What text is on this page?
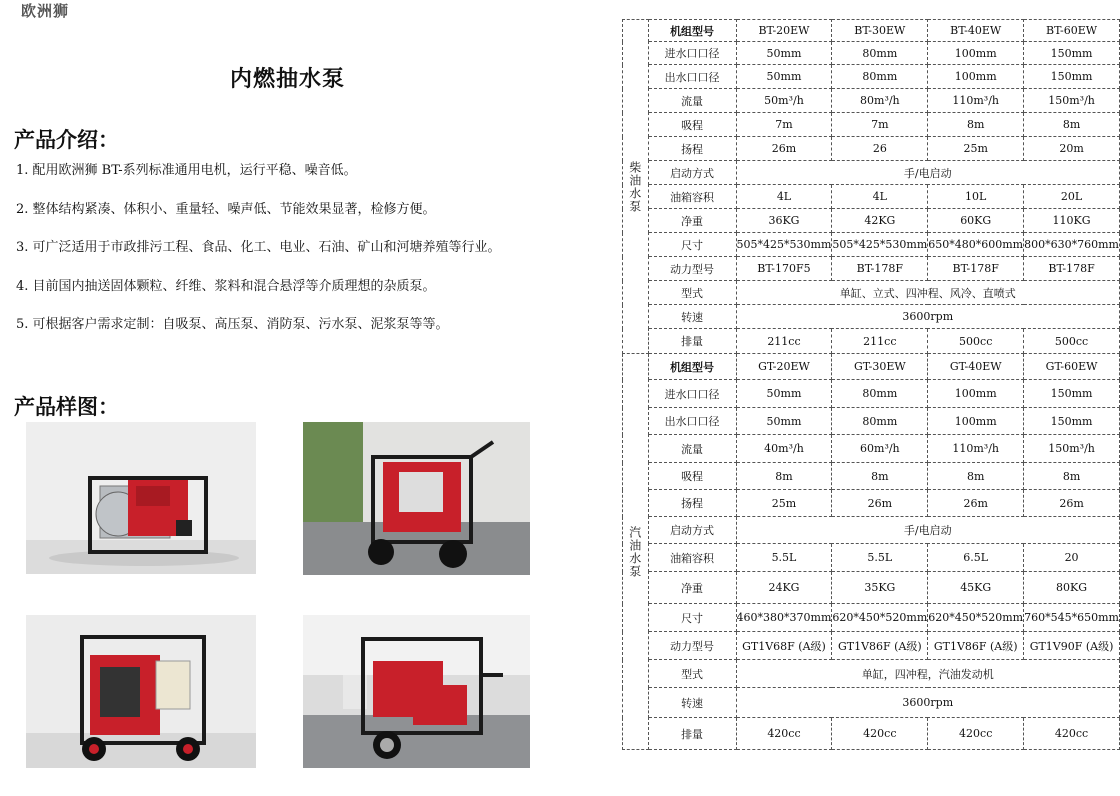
欧洲狮
内燃抽水泵
产品介绍：
1. 配用欧洲狮 BT-系列标准通用电机，运行平稳、噪音低。
2. 整体结构紧凑、体积小、重量轻、噪声低、节能效果显著，检修方便。
3. 可广泛适用于市政排污工程、食品、化工、电业、石油、矿山和河塘养殖等行业。
4. 目前国内抽送固体颗粒、纤维、浆料和混合悬浮等介质理想的杂质泵。
5. 可根据客户需求定制：自吸泵、高压泵、消防泵、污水泵、泥浆泵等等。
产品样图：
柴油水泵	机组型号	BT-20EW	BT-30EW	BT-40EW	BT-60EW
	进水口口径	50mm	80mm	100mm	150mm
	出水口口径	50mm	80mm	100mm	150mm
	流量	50m³/h	80m³/h	110m³/h	150m³/h
	吸程	7m	7m	8m	8m
	扬程	26m	26	25m	20m
	启动方式	手/电启动			
	油箱容积	4L	4L	10L	20L
	净重	36KG	42KG	60KG	110KG
	尺寸	505*425*530mm	505*425*530mm	650*480*600mm	800*630*760mm
	动力型号	BT-170F5	BT-178F	BT-178F	BT-178F
	型式	单缸、立式、四冲程、风冷、直喷式			
	转速	3600rpm			
	排量	211cc	211cc	500cc	500cc
汽油水泵	机组型号	GT-20EW	GT-30EW	GT-40EW	GT-60EW
	进水口口径	50mm	80mm	100mm	150mm
	出水口口径	50mm	80mm	100mm	150mm
	流量	40m³/h	60m³/h	110m³/h	150m³/h
	吸程	8m	8m	8m	8m
	扬程	25m	26m	26m	26m
	启动方式	手/电启动			
	油箱容积	5.5L	5.5L	6.5L	20
	净重	24KG	35KG	45KG	80KG
	尺寸	460*380*370mm	620*450*520mm	620*450*520mm	760*545*650mm
	动力型号	GT1V68F (A级)	GT1V86F (A级)	GT1V86F (A级)	GT1V90F (A级)
	型式	单缸，四冲程，汽油发动机			
	转速	3600rpm			
	排量	420cc	420cc	420cc	420cc
